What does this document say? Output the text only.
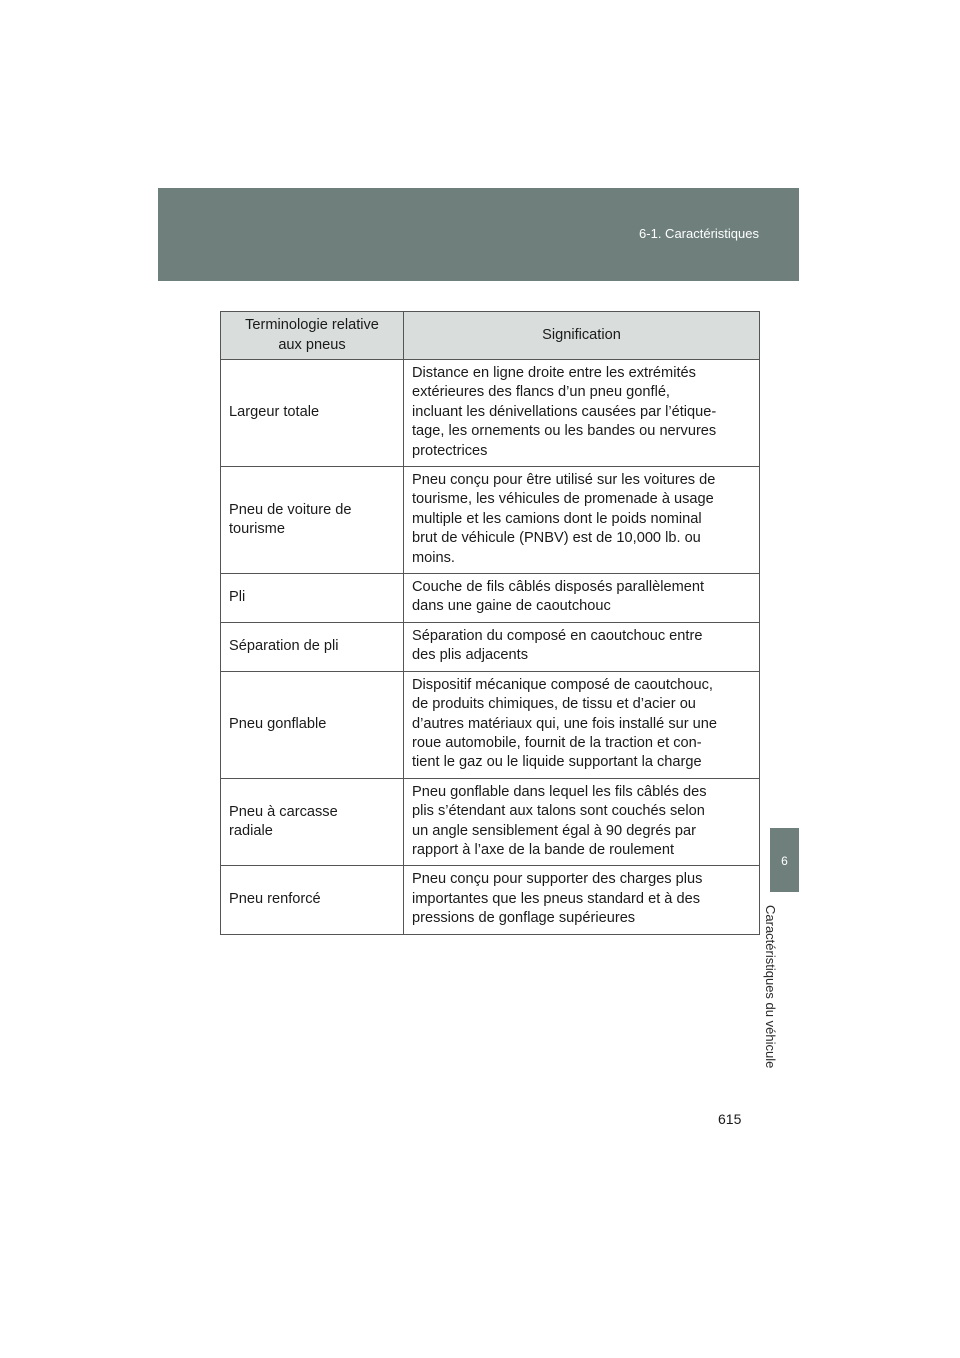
6-1. Caractéristiques
6
Caractéristiques du véhicule
Terminologie relative
aux pneus	Signification

Largeur totale	Distance en ligne droite entre les extrémités
extérieures des flancs d’un pneu gonflé,
incluant les dénivellations causées par l’étique-
tage, les ornements ou les bandes ou nervures
protectrices

Pneu de voiture de
tourisme	Pneu conçu pour être utilisé sur les voitures de
tourisme, les véhicules de promenade à usage
multiple et les camions dont le poids nominal
brut de véhicule (PNBV) est de 10,000 lb. ou
moins.

Pli	Couche de fils câblés disposés parallèlement
dans une gaine de caoutchouc

Séparation de pli	Séparation du composé en caoutchouc entre
des plis adjacents

Pneu gonflable	Dispositif mécanique composé de caoutchouc,
de produits chimiques, de tissu et d’acier ou
d’autres matériaux qui, une fois installé sur une
roue automobile, fournit de la traction et con-
tient le gaz ou le liquide supportant la charge

Pneu à carcasse
radiale	Pneu gonflable dans lequel les fils câblés des
plis s’étendant aux talons sont couchés selon
un angle sensiblement égal à 90 degrés par
rapport à l’axe de la bande de roulement

Pneu renforcé	Pneu conçu pour supporter des charges plus
importantes que les pneus standard et à des
pressions de gonflage supérieures
615
